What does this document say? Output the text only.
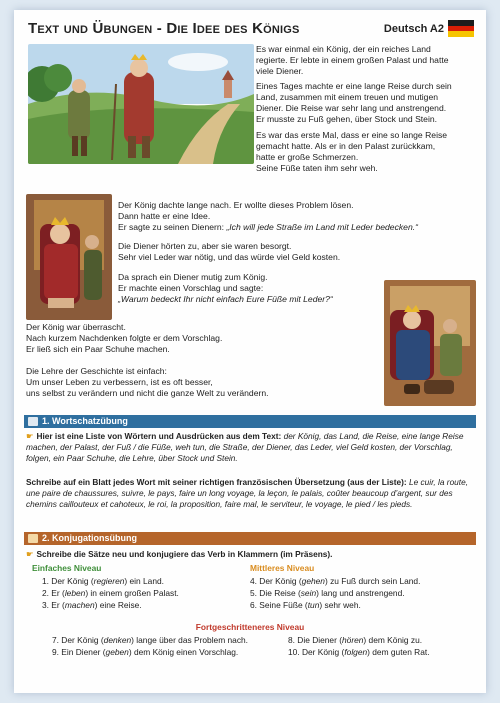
Text und Übungen - Die Idee des Königs	Deutsch A2
Es war einmal ein König, der ein reiches Land
regierte. Er lebte in einem großen Palast und hatte
viele Diener.
Eines Tages machte er eine lange Reise durch sein
Land, zusammen mit einem treuen und mutigen
Diener. Die Reise war sehr lang und anstrengend.
Er musste zu Fuß gehen, über Stock und Stein.
Es war das erste Mal, dass er eine so lange Reise
gemacht hatte. Als er in den Palast zurückkam,
hatte er große Schmerzen.
Seine Füße taten ihm sehr weh.
Der König dachte lange nach. Er wollte dieses Problem lösen.
Dann hatte er eine Idee.
Er sagte zu seinen Dienern: „Ich will jede Straße im Land mit Leder bedecken.“
Die Diener hörten zu, aber sie waren besorgt.
Sehr viel Leder war nötig, und das würde viel Geld kosten.
Da sprach ein Diener mutig zum König.
Er machte einen Vorschlag und sagte:
„Warum bedeckt Ihr nicht einfach Eure Füße mit Leder?“
Der König war überrascht.
Nach kurzem Nachdenken folgte er dem Vorschlag.
Er ließ sich ein Paar Schuhe machen.
Die Lehre der Geschichte ist einfach:
Um unser Leben zu verbessern, ist es oft besser,
uns selbst zu verändern und nicht die ganze Welt zu verändern.
1. Wortschatzübung
☛ Hier ist eine Liste von Wörtern und Ausdrücken aus dem Text: der König, das Land, die Reise, eine lange Reise machen, der Palast, der Fuß / die Füße, weh tun, die Straße, der Diener, das Leder, viel Geld kosten, der Vorschlag, folgen, ein Paar Schuhe, die Lehre, über Stock und Stein.
Schreibe auf ein Blatt jedes Wort mit seiner richtigen französischen Übersetzung (aus der Liste): Le cuir, la route, une paire de chaussures, suivre, le pays, faire un long voyage, la leçon, le palais, coûter beaucoup d’argent, sur des chemins caillouteux et cahoteux, le roi, la proposition, faire mal, le serviteur, le voyage, le pied / les pieds.
2. Konjugationsübung
☛ Schreibe die Sätze neu und konjugiere das Verb in Klammern (im Präsens).
Einfaches Niveau
1. Der König (regieren) ein Land.
2. Er (leben) in einem großen Palast.
3. Er (machen) eine Reise.
Mittleres Niveau
4. Der König (gehen) zu Fuß durch sein Land.
5. Die Reise (sein) lang und anstrengend.
6. Seine Füße (tun) sehr weh.
Fortgeschritteneres Niveau
7. Der König (denken) lange über das Problem nach.
9. Ein Diener (geben) dem König einen Vorschlag.
8. Die Diener (hören) dem König zu.
10. Der König (folgen) dem guten Rat.
